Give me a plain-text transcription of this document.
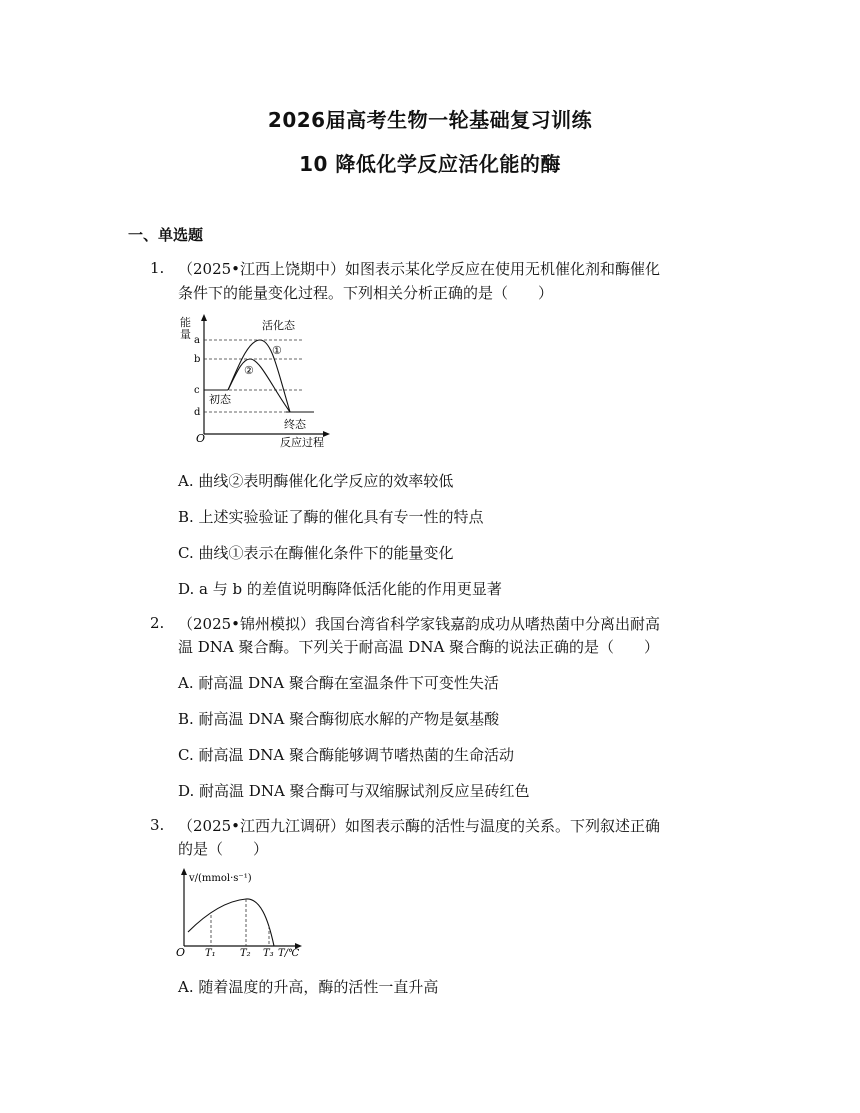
2026届高考生物一轮基础复习训练
10 降低化学反应活化能的酶
一、单选题
1. （2025•江西上饶期中）如图表示某化学反应在使用无机催化剂和酶催化
条件下的能量变化过程。下列相关分析正确的是（　　）
能量 a
b
c
d
活化态
①
②
初态
终态
O	反应过程
A. 曲线②表明酶催化化学反应的效率较低
B. 上述实验验证了酶的催化具有专一性的特点
C. 曲线①表示在酶催化条件下的能量变化
D. a 与 b 的差值说明酶降低活化能的作用更显著
2. （2025•锦州模拟）我国台湾省科学家钱嘉韵成功从嗜热菌中分离出耐高
温 DNA 聚合酶。下列关于耐高温 DNA 聚合酶的说法正确的是（　　）
A. 耐高温 DNA 聚合酶在室温条件下可变性失活
B. 耐高温 DNA 聚合酶彻底水解的产物是氨基酸
C. 耐高温 DNA 聚合酶能够调节嗜热菌的生命活动
D. 耐高温 DNA 聚合酶可与双缩脲试剂反应呈砖红色
3. （2025•江西九江调研）如图表示酶的活性与温度的关系。下列叙述正确
的是（　　）
v/(mmol·s⁻¹)
O T₁ T₂ T₃ T/℃
A. 随着温度的升高，酶的活性一直升高
